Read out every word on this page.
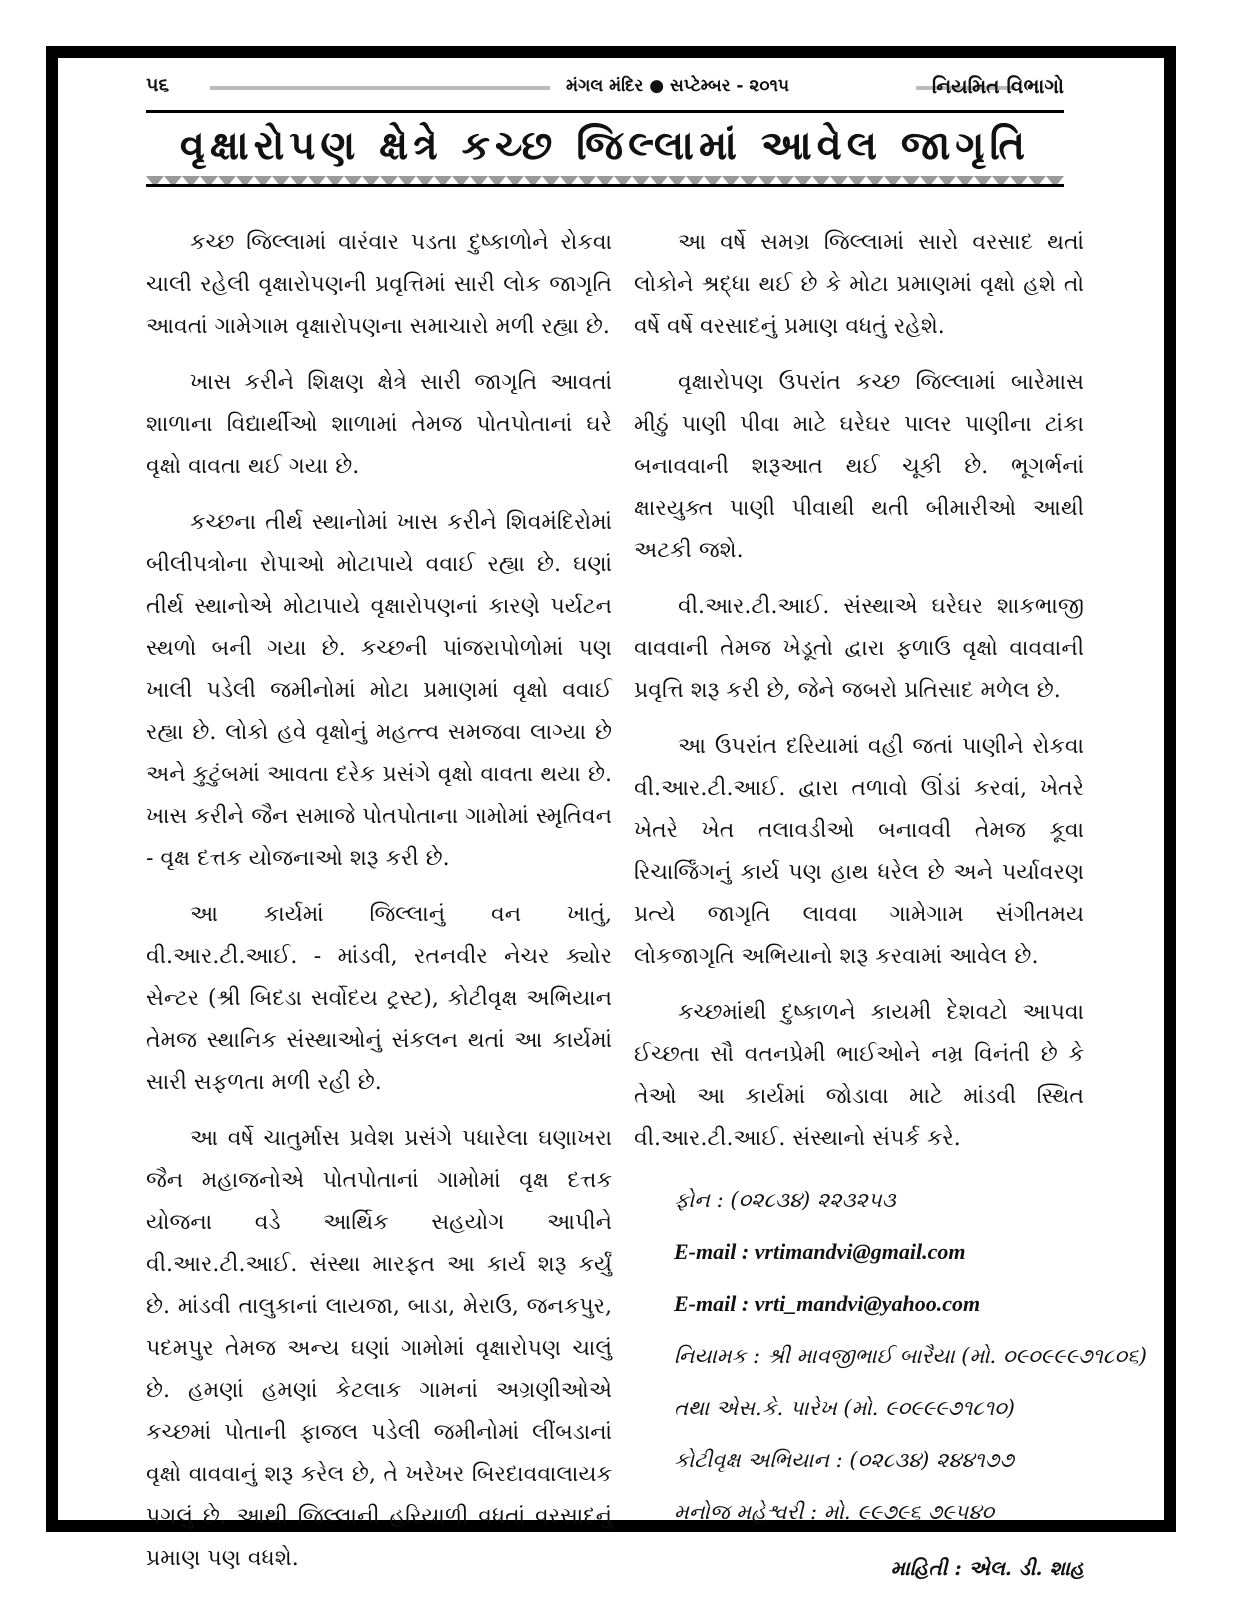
૫૬	મંગલ મંદિર ● સપ્ટેમ્બર - ૨૦૧૫	નિયમિત વિભાગો
વૃક્ષારોપણ ક્ષેત્રે કચ્છ જિલ્લામાં આવેલ જાગૃતિ

કચ્છ જિલ્લામાં વારંવાર પડતા દુષ્કાળોને રોકવા ચાલી રહેલી વૃક્ષારોપણની પ્રવૃત્તિમાં સારી લોક જાગૃતિ આવતાં ગામેગામ વૃક્ષારોપણના સમાચારો મળી રહ્યા છે.

ખાસ કરીને શિક્ષણ ક્ષેત્રે સારી જાગૃતિ આવતાં શાળાના વિદ્યાર્થીઓ શાળામાં તેમજ પોતપોતાનાં ઘરે વૃક્ષો વાવતા થઈ ગયા છે.

કચ્છના તીર્થ સ્થાનોમાં ખાસ કરીને શિવમંદિરોમાં બીલીપત્રોના રોપાઓ મોટાપાયે વવાઈ રહ્યા છે. ઘણાં તીર્થ સ્થાનોએ મોટાપાયે વૃક્ષારોપણનાં કારણે પર્યટન સ્થળો બની ગયા છે. કચ્છની પાંજરાપોળોમાં પણ ખાલી પડેલી જમીનોમાં મોટા પ્રમાણમાં વૃક્ષો વવાઈ રહ્યા છે. લોકો હવે વૃક્ષોનું મહત્ત્વ સમજવા લાગ્યા છે અને કુટુંબમાં આવતા દરેક પ્રસંગે વૃક્ષો વાવતા થયા છે. ખાસ કરીને જૈન સમાજે પોતપોતાના ગામોમાં સ્મૃતિવન - વૃક્ષ દત્તક યોજનાઓ શરૂ કરી છે.

આ કાર્યમાં જિલ્લાનું વન ખાતું, વી.આર.ટી.આઈ. - માંડવી, રતનવીર નેચર ક્યોર સેન્ટર (શ્રી બિદડા સર્વોદય ટ્રસ્ટ), કોટીવૃક્ષ અભિયાન તેમજ સ્થાનિક સંસ્થાઓનું સંકલન થતાં આ કાર્યમાં સારી સફળતા મળી રહી છે.

આ વર્ષે ચાતુર્માસ પ્રવેશ પ્રસંગે પધારેલા ઘણાખરા જૈન મહાજનોએ પોતપોતાનાં ગામોમાં વૃક્ષ દત્તક યોજના વડે આર્થિક સહયોગ આપીને વી.આર.ટી.આઈ. સંસ્થા મારફત આ કાર્ય શરૂ કર્યું છે. માંડવી તાલુકાનાં લાયજા, બાડા, મેરાઉ, જનકપુર, પદમપુર તેમજ અન્ય ઘણાં ગામોમાં વૃક્ષારોપણ ચાલું છે. હમણાં હમણાં કેટલાક ગામનાં અગ્રણીઓએ કચ્છમાં પોતાની ફાજલ પડેલી જમીનોમાં લીંબડાનાં વૃક્ષો વાવવાનું શરૂ કરેલ છે, તે ખરેખર બિરદાવવાલાયક પગલું છે. આથી જિલ્લાની હરિયાળી વધતાં વરસાદનું પ્રમાણ પણ વધશે.

આ વર્ષે સમગ્ર જિલ્લામાં સારો વરસાદ થતાં લોકોને શ્રદ્ધા થઈ છે કે મોટા પ્રમાણમાં વૃક્ષો હશે તો વર્ષે વર્ષે વરસાદનું પ્રમાણ વધતું રહેશે.

વૃક્ષારોપણ ઉપરાંત કચ્છ જિલ્લામાં બારેમાસ મીઠું પાણી પીવા માટે ઘરેઘર પાલર પાણીના ટાંકા બનાવવાની શરૂઆત થઈ ચૂકી છે. ભૂગર્ભનાં ક્ષારયુક્ત પાણી પીવાથી થતી બીમારીઓ આથી અટકી જશે.

વી.આર.ટી.આઈ. સંસ્થાએ ઘરેઘર શાકભાજી વાવવાની તેમજ ખેડૂતો દ્વારા ફળાઉ વૃક્ષો વાવવાની પ્રવૃત્તિ શરૂ કરી છે, જેને જબરો પ્રતિસાદ મળેલ છે.

આ ઉપરાંત દરિયામાં વહી જતાં પાણીને રોકવા વી.આર.ટી.આઈ. દ્વારા તળાવો ઊંડાં કરવાં, ખેતરે ખેતરે ખેત તલાવડીઓ બનાવવી તેમજ કૂવા રિચાર્જિંગનું કાર્ય પણ હાથ ધરેલ છે અને પર્યાવરણ પ્રત્યે જાગૃતિ લાવવા ગામેગામ સંગીતમય લોકજાગૃતિ અભિયાનો શરૂ કરવામાં આવેલ છે.

કચ્છમાંથી દુષ્કાળને કાયમી દેશવટો આપવા ઈચ્છતા સૌ વતનપ્રેમી ભાઈઓને નમ્ર વિનંતી છે કે તેઓ આ કાર્યમાં જોડાવા માટે માંડવી સ્થિત વી.આર.ટી.આઈ. સંસ્થાનો સંપર્ક કરે.

ફોન : (૦૨૮૩૪) ૨૨૩૨૫૩
E-mail : vrtimandvi@gmail.com
E-mail : vrti_mandvi@yahoo.com
નિયામક : શ્રી માવજીભાઈ બારૈયા (મો. ૦૯૦૯૯૯૭૧૮૦૬)
તથા એસ.કે. પારેખ (મો. ૯૦૯૯૯૭૧૮૧૦)
કોટીવૃક્ષ અભિયાન : (૦૨૮૩૪) ૨૪૪૧૭૭
મનોજ મહેશ્વરી : મો. ૯૯૭૯૬ ૭૯૫૪૦
માહિતી : એલ. ડી. શાહ
